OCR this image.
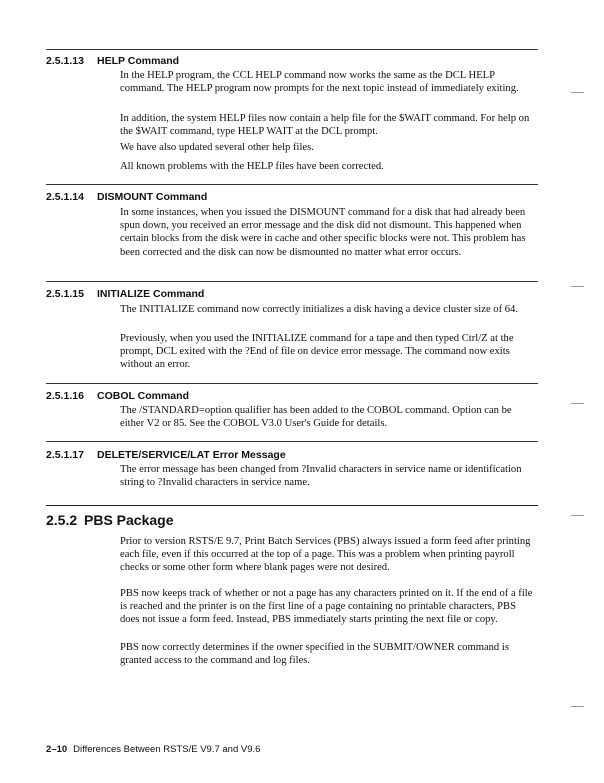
2.5.1.13 HELP Command

In the HELP program, the CCL HELP command now works the same as the DCL HELP command. The HELP program now prompts for the next topic instead of immediately exiting.

In addition, the system HELP files now contain a help file for the $WAIT command. For help on the $WAIT command, type HELP WAIT at the DCL prompt.

We have also updated several other help files.

All known problems with the HELP files have been corrected.

2.5.1.14 DISMOUNT Command

In some instances, when you issued the DISMOUNT command for a disk that had already been spun down, you received an error message and the disk did not dismount. This happened when certain blocks from the disk were in cache and other specific blocks were not. This problem has been corrected and the disk can now be dismounted no matter what error occurs.

2.5.1.15 INITIALIZE Command

The INITIALIZE command now correctly initializes a disk having a device cluster size of 64.

Previously, when you used the INITIALIZE command for a tape and then typed Ctrl/Z at the prompt, DCL exited with the ?End of file on device error message. The command now exits without an error.

2.5.1.16 COBOL Command

The /STANDARD=option qualifier has been added to the COBOL command. Option can be either V2 or 85. See the COBOL V3.0 User's Guide for details.

2.5.1.17 DELETE/SERVICE/LAT Error Message

The error message has been changed from ?Invalid characters in service name or identification string to ?Invalid characters in service name.

2.5.2 PBS Package

Prior to version RSTS/E 9.7, Print Batch Services (PBS) always issued a form feed after printing each file, even if this occurred at the top of a page. This was a problem when printing payroll checks or some other form where blank pages were not desired.

PBS now keeps track of whether or not a page has any characters printed on it. If the end of a file is reached and the printer is on the first line of a page containing no printable characters, PBS does not issue a form feed. Instead, PBS immediately starts printing the next file or copy.

PBS now correctly determines if the owner specified in the SUBMIT/OWNER command is granted access to the command and log files.

2–10 Differences Between RSTS/E V9.7 and V9.6
